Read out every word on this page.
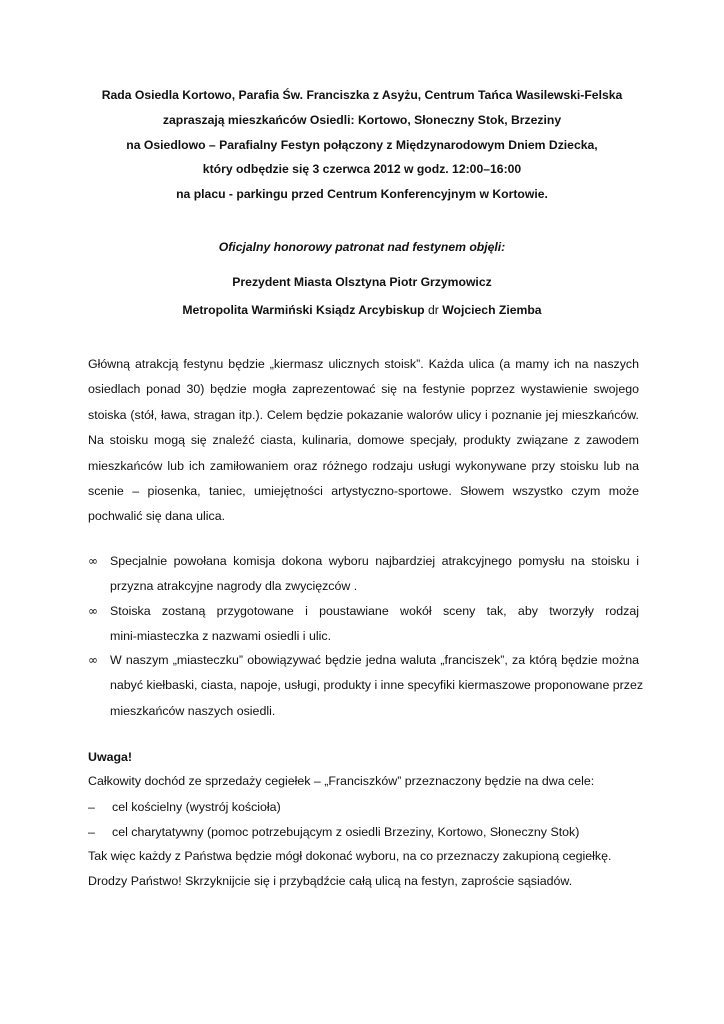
Rada Osiedla Kortowo, Parafia Św. Franciszka z Asyżu, Centrum Tańca Wasilewski-Felska
zapraszają mieszkańców Osiedli: Kortowo, Słoneczny Stok, Brzeziny
na Osiedlowo – Parafialny Festyn połączony z Międzynarodowym Dniem Dziecka,
który odbędzie się 3 czerwca 2012 w godz. 12:00–16:00
na placu - parkingu przed Centrum Konferencyjnym w Kortowie.
Oficjalny honorowy patronat nad festynem objęli:
Prezydent Miasta Olsztyna Piotr Grzymowicz
Metropolita Warmiński Ksiądz Arcybiskup dr Wojciech Ziemba
Główną atrakcją festynu będzie „kiermasz ulicznych stoisk”. Każda ulica (a mamy ich na naszych
osiedlach ponad 30) będzie mogła zaprezentować się na festynie poprzez wystawienie swojego
stoiska (stół, ława, stragan itp.). Celem będzie pokazanie walorów ulicy i poznanie jej mieszkańców.
Na stoisku mogą się znaleźć ciasta, kulinaria, domowe specjały, produkty związane z zawodem
mieszkańców lub ich zamiłowaniem oraz różnego rodzaju usługi wykonywane przy stoisku lub na
scenie – piosenka, taniec, umiejętności artystyczno-sportowe. Słowem wszystko czym może
pochwalić się dana ulica.
∞ Specjalnie powołana komisja dokona wyboru najbardziej atrakcyjnego pomysłu na stoisku i
przyzna atrakcyjne nagrody dla zwycięzców .
∞ Stoiska zostaną przygotowane i poustawiane wokół sceny tak, aby tworzyły rodzaj
mini-miasteczka z nazwami osiedli i ulic.
∞ W naszym „miasteczku” obowiązywać będzie jedna waluta „franciszek”, za którą będzie można
nabyć kiełbaski, ciasta, napoje, usługi, produkty i inne specyfiki kiermaszowe proponowane przez
mieszkańców naszych osiedli.
Uwaga!
Całkowity dochód ze sprzedaży cegiełek – „Franciszków” przeznaczony będzie na dwa cele:
– cel kościelny (wystrój kościoła)
– cel charytatywny (pomoc potrzebującym z osiedli Brzeziny, Kortowo, Słoneczny Stok)
Tak więc każdy z Państwa będzie mógł dokonać wyboru, na co przeznaczy zakupioną cegiełkę.
Drodzy Państwo! Skrzyknijcie się i przybądźcie całą ulicą na festyn, zaproście sąsiadów.
